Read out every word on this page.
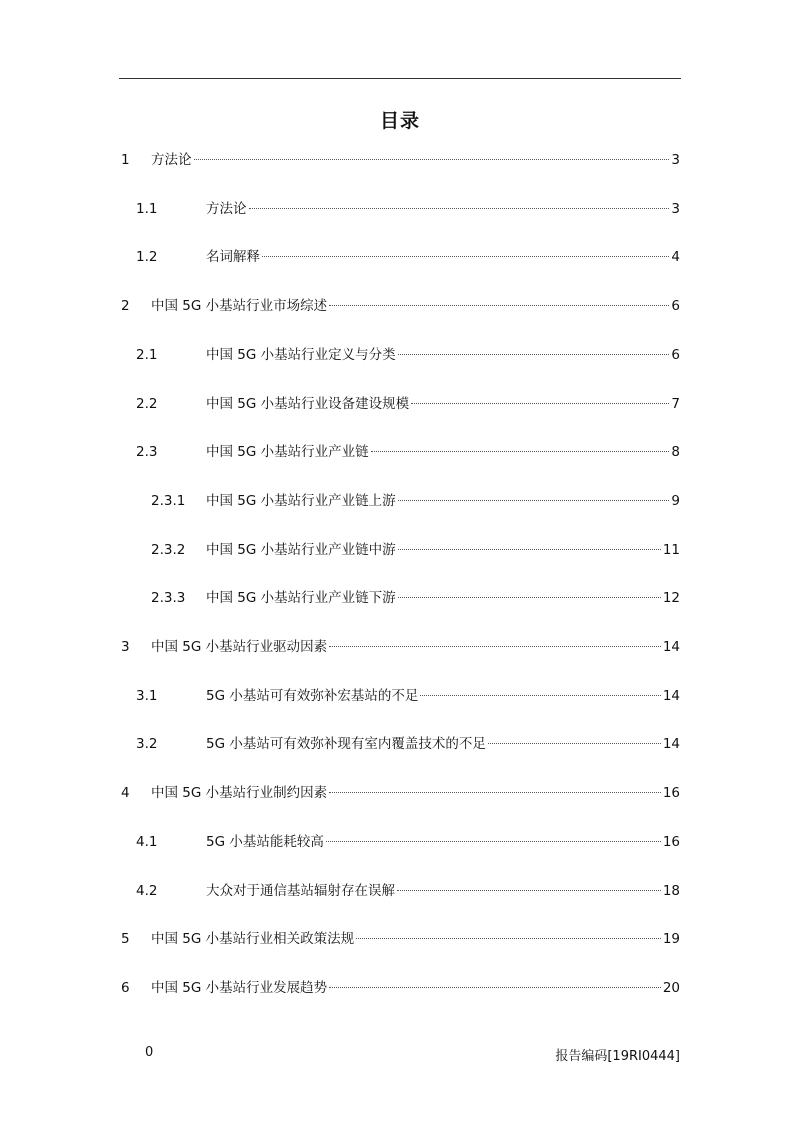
目录
1	方法论	3
1.1	方法论	3
1.2	名词解释	4
2	中国 5G 小基站行业市场综述	6
2.1	中国 5G 小基站行业定义与分类	6
2.2	中国 5G 小基站行业设备建设规模	7
2.3	中国 5G 小基站行业产业链	8
2.3.1	中国 5G 小基站行业产业链上游	9
2.3.2	中国 5G 小基站行业产业链中游	11
2.3.3	中国 5G 小基站行业产业链下游	12
3	中国 5G 小基站行业驱动因素	14
3.1	5G 小基站可有效弥补宏基站的不足	14
3.2	5G 小基站可有效弥补现有室内覆盖技术的不足	14
4	中国 5G 小基站行业制约因素	16
4.1	5G 小基站能耗较高	16
4.2	大众对于通信基站辐射存在误解	18
5	中国 5G 小基站行业相关政策法规	19
6	中国 5G 小基站行业发展趋势	20
0	报告编码[19RI0444]
